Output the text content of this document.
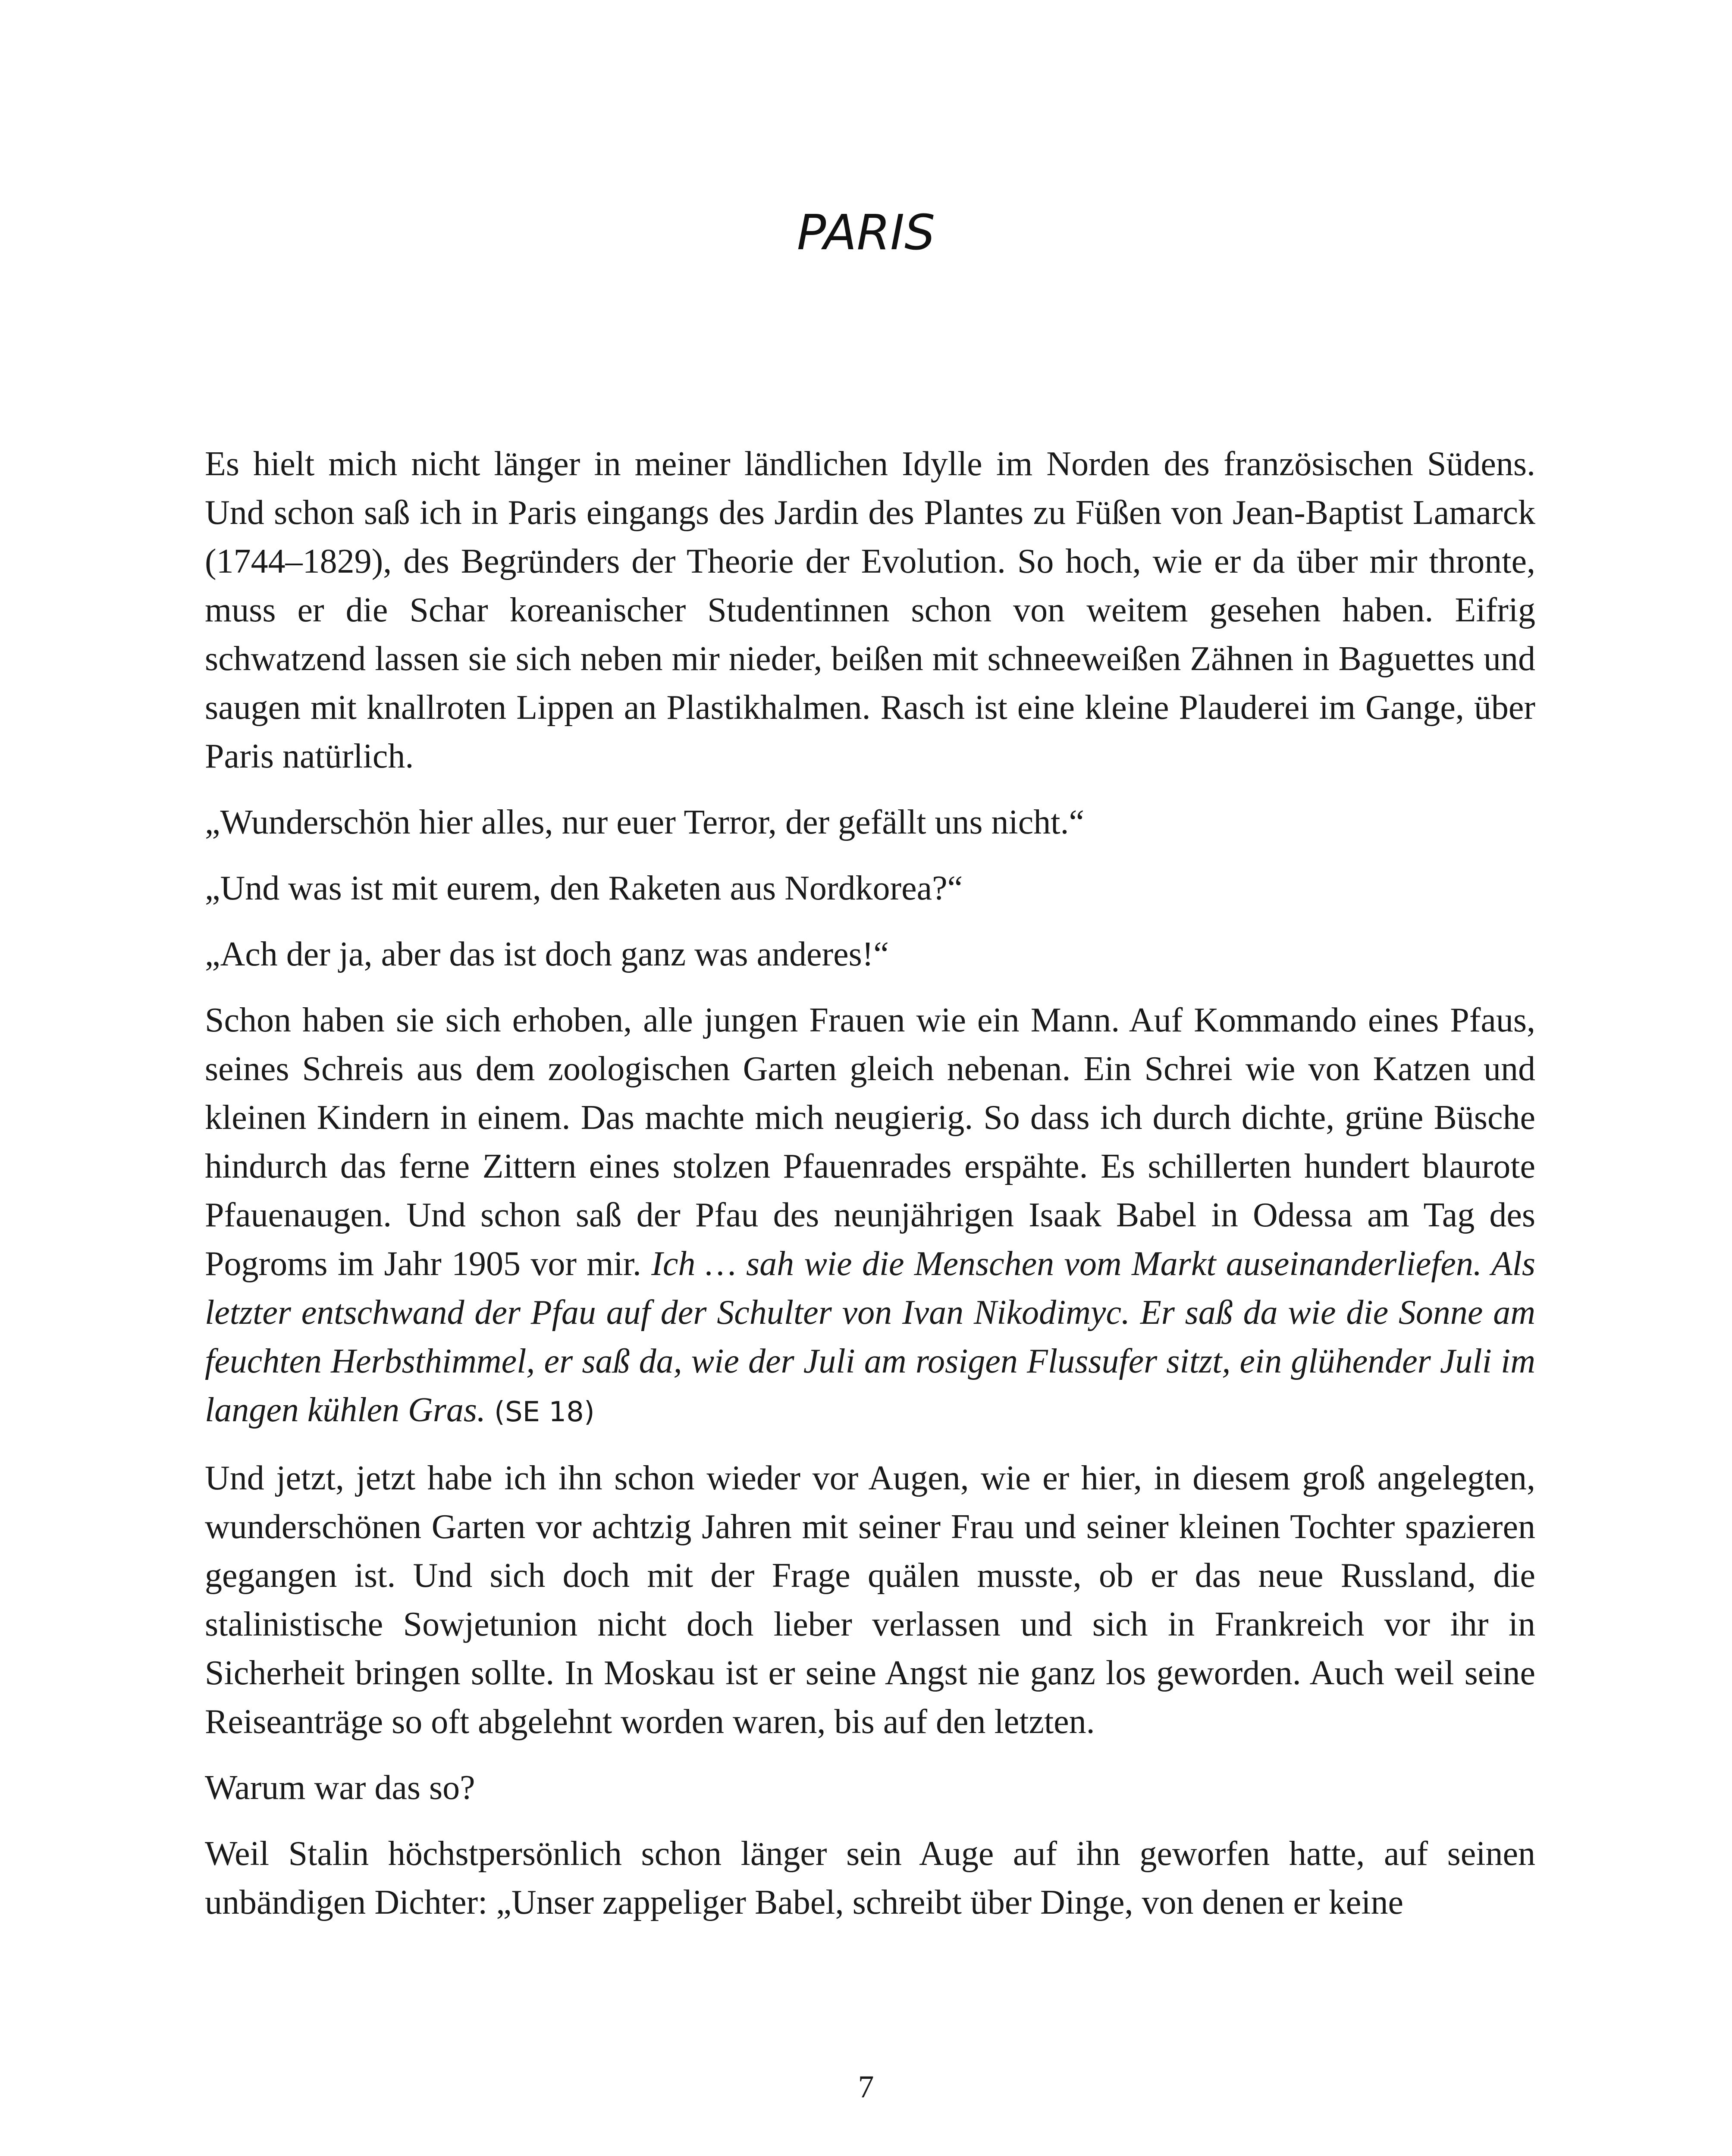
PARIS

Es hielt mich nicht länger in meiner ländlichen Idylle im Norden des französischen Südens. Und schon saß ich in Paris eingangs des Jardin des Plantes zu Füßen von Jean-Baptist Lamarck (1744–1829), des Begründers der Theorie der Evolution. So hoch, wie er da über mir thronte, muss er die Schar koreanischer Studentinnen schon von weitem gesehen haben. Eifrig schwatzend lassen sie sich neben mir nieder, beißen mit schneeweißen Zähnen in Baguettes und saugen mit knallroten Lippen an Plastikhalmen. Rasch ist eine kleine Plauderei im Gange, über Paris natürlich.

„Wunderschön hier alles, nur euer Terror, der gefällt uns nicht.“

„Und was ist mit eurem, den Raketen aus Nordkorea?“

„Ach der ja, aber das ist doch ganz was anderes!“

Schon haben sie sich erhoben, alle jungen Frauen wie ein Mann. Auf Kommando eines Pfaus, seines Schreis aus dem zoologischen Garten gleich nebenan. Ein Schrei wie von Katzen und kleinen Kindern in einem. Das machte mich neugierig. So dass ich durch dichte, grüne Büsche hindurch das ferne Zittern eines stolzen Pfauenrades erspähte. Es schillerten hundert blaurote Pfauenaugen. Und schon saß der Pfau des neunjährigen Isaak Babel in Odessa am Tag des Pogroms im Jahr 1905 vor mir. Ich … sah wie die Menschen vom Markt auseinanderliefen. Als letzter entschwand der Pfau auf der Schulter von Ivan Nikodimyc. Er saß da wie die Sonne am feuchten Herbsthimmel, er saß da, wie der Juli am rosigen Flussufer sitzt, ein glühender Juli im langen kühlen Gras. (SE 18)

Und jetzt, jetzt habe ich ihn schon wieder vor Augen, wie er hier, in diesem groß angelegten, wunderschönen Garten vor achtzig Jahren mit seiner Frau und seiner kleinen Tochter spazieren gegangen ist. Und sich doch mit der Frage quälen musste, ob er das neue Russland, die stalinistische Sowjetunion nicht doch lieber verlassen und sich in Frankreich vor ihr in Sicherheit bringen sollte. In Moskau ist er seine Angst nie ganz los geworden. Auch weil seine Reiseanträge so oft abgelehnt worden waren, bis auf den letzten.

Warum war das so?

Weil Stalin höchstpersönlich schon länger sein Auge auf ihn geworfen hatte, auf seinen unbändigen Dichter: „Unser zappeliger Babel, schreibt über Dinge, von denen er keine

7
